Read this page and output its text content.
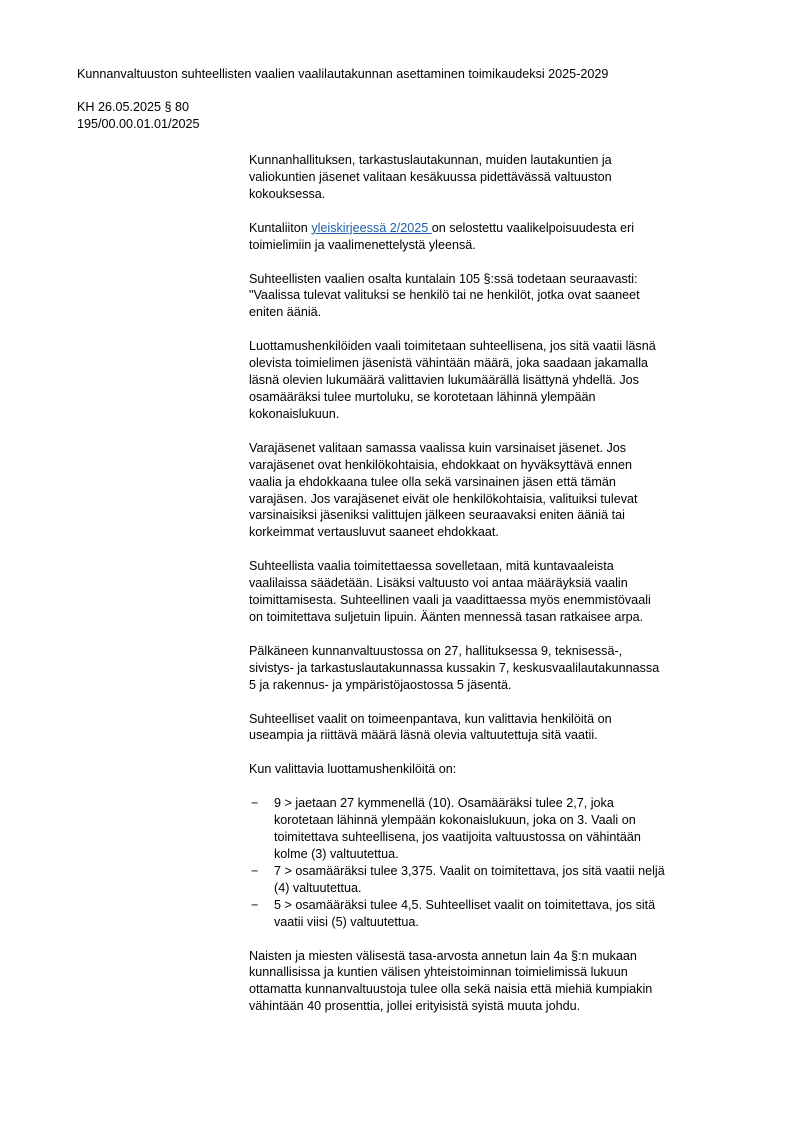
Kunnanvaltuuston suhteellisten vaalien vaalilautakunnan asettaminen toimikaudeksi 2025-2029
KH 26.05.2025 § 80
195/00.00.01.01/2025

Kunnanhallituksen, tarkastuslautakunnan, muiden lautakuntien ja
valiokuntien jäsenet valitaan kesäkuussa pidettävässä valtuuston
kokouksessa.

Kuntaliiton yleiskirjeessä 2/2025 on selostettu vaalikelpoisuudesta eri
toimielimiin ja vaalimenettelystä yleensä.

Suhteellisten vaalien osalta kuntalain 105 §:ssä todetaan seuraavasti:
"Vaalissa tulevat valituksi se henkilö tai ne henkilöt, jotka ovat saaneet
eniten ääniä.

Luottamushenkilöiden vaali toimitetaan suhteellisena, jos sitä vaatii läsnä
olevista toimielimen jäsenistä vähintään määrä, joka saadaan jakamalla
läsnä olevien lukumäärä valittavien lukumäärällä lisättynä yhdellä. Jos
osamääräksi tulee murtoluku, se korotetaan lähinnä ylempään
kokonaislukuun.

Varajäsenet valitaan samassa vaalissa kuin varsinaiset jäsenet. Jos
varajäsenet ovat henkilökohtaisia, ehdokkaat on hyväksyttävä ennen
vaalia ja ehdokkaana tulee olla sekä varsinainen jäsen että tämän
varajäsen. Jos varajäsenet eivät ole henkilökohtaisia, valituiksi tulevat
varsinaisiksi jäseniksi valittujen jälkeen seuraavaksi eniten ääniä tai
korkeimmat vertausluvut saaneet ehdokkaat.

Suhteellista vaalia toimitettaessa sovelletaan, mitä kuntavaaleista
vaalilaissa säädetään. Lisäksi valtuusto voi antaa määräyksiä vaalin
toimittamisesta. Suhteellinen vaali ja vaadittaessa myös enemmistövaali
on toimitettava suljetuin lipuin. Äänten mennessä tasan ratkaisee arpa.

Pälkäneen kunnanvaltuustossa on 27, hallituksessa 9, teknisessä-,
sivistys- ja tarkastuslautakunnassa kussakin 7, keskusvaalilautakunnassa
5 ja rakennus- ja ympäristöjaostossa 5 jäsentä.

Suhteelliset vaalit on toimeenpantava, kun valittavia henkilöitä on
useampia ja riittävä määrä läsnä olevia valtuutettuja sitä vaatii.

Kun valittavia luottamushenkilöitä on:

− 9 > jaetaan 27 kymmenellä (10). Osamääräksi tulee 2,7, joka
korotetaan lähinnä ylempään kokonaislukuun, joka on 3. Vaali on
toimitettava suhteellisena, jos vaatijoita valtuustossa on vähintään
kolme (3) valtuutettua.
− 7 > osamääräksi tulee 3,375. Vaalit on toimitettava, jos sitä vaatii neljä
(4) valtuutettua.
− 5 > osamääräksi tulee 4,5. Suhteelliset vaalit on toimitettava, jos sitä
vaatii viisi (5) valtuutettua.

Naisten ja miesten välisestä tasa-arvosta annetun lain 4a §:n mukaan
kunnallisissa ja kuntien välisen yhteistoiminnan toimielimissä lukuun
ottamatta kunnanvaltuustoja tulee olla sekä naisia että miehiä kumpiakin
vähintään 40 prosenttia, jollei erityisistä syistä muuta johdu.
